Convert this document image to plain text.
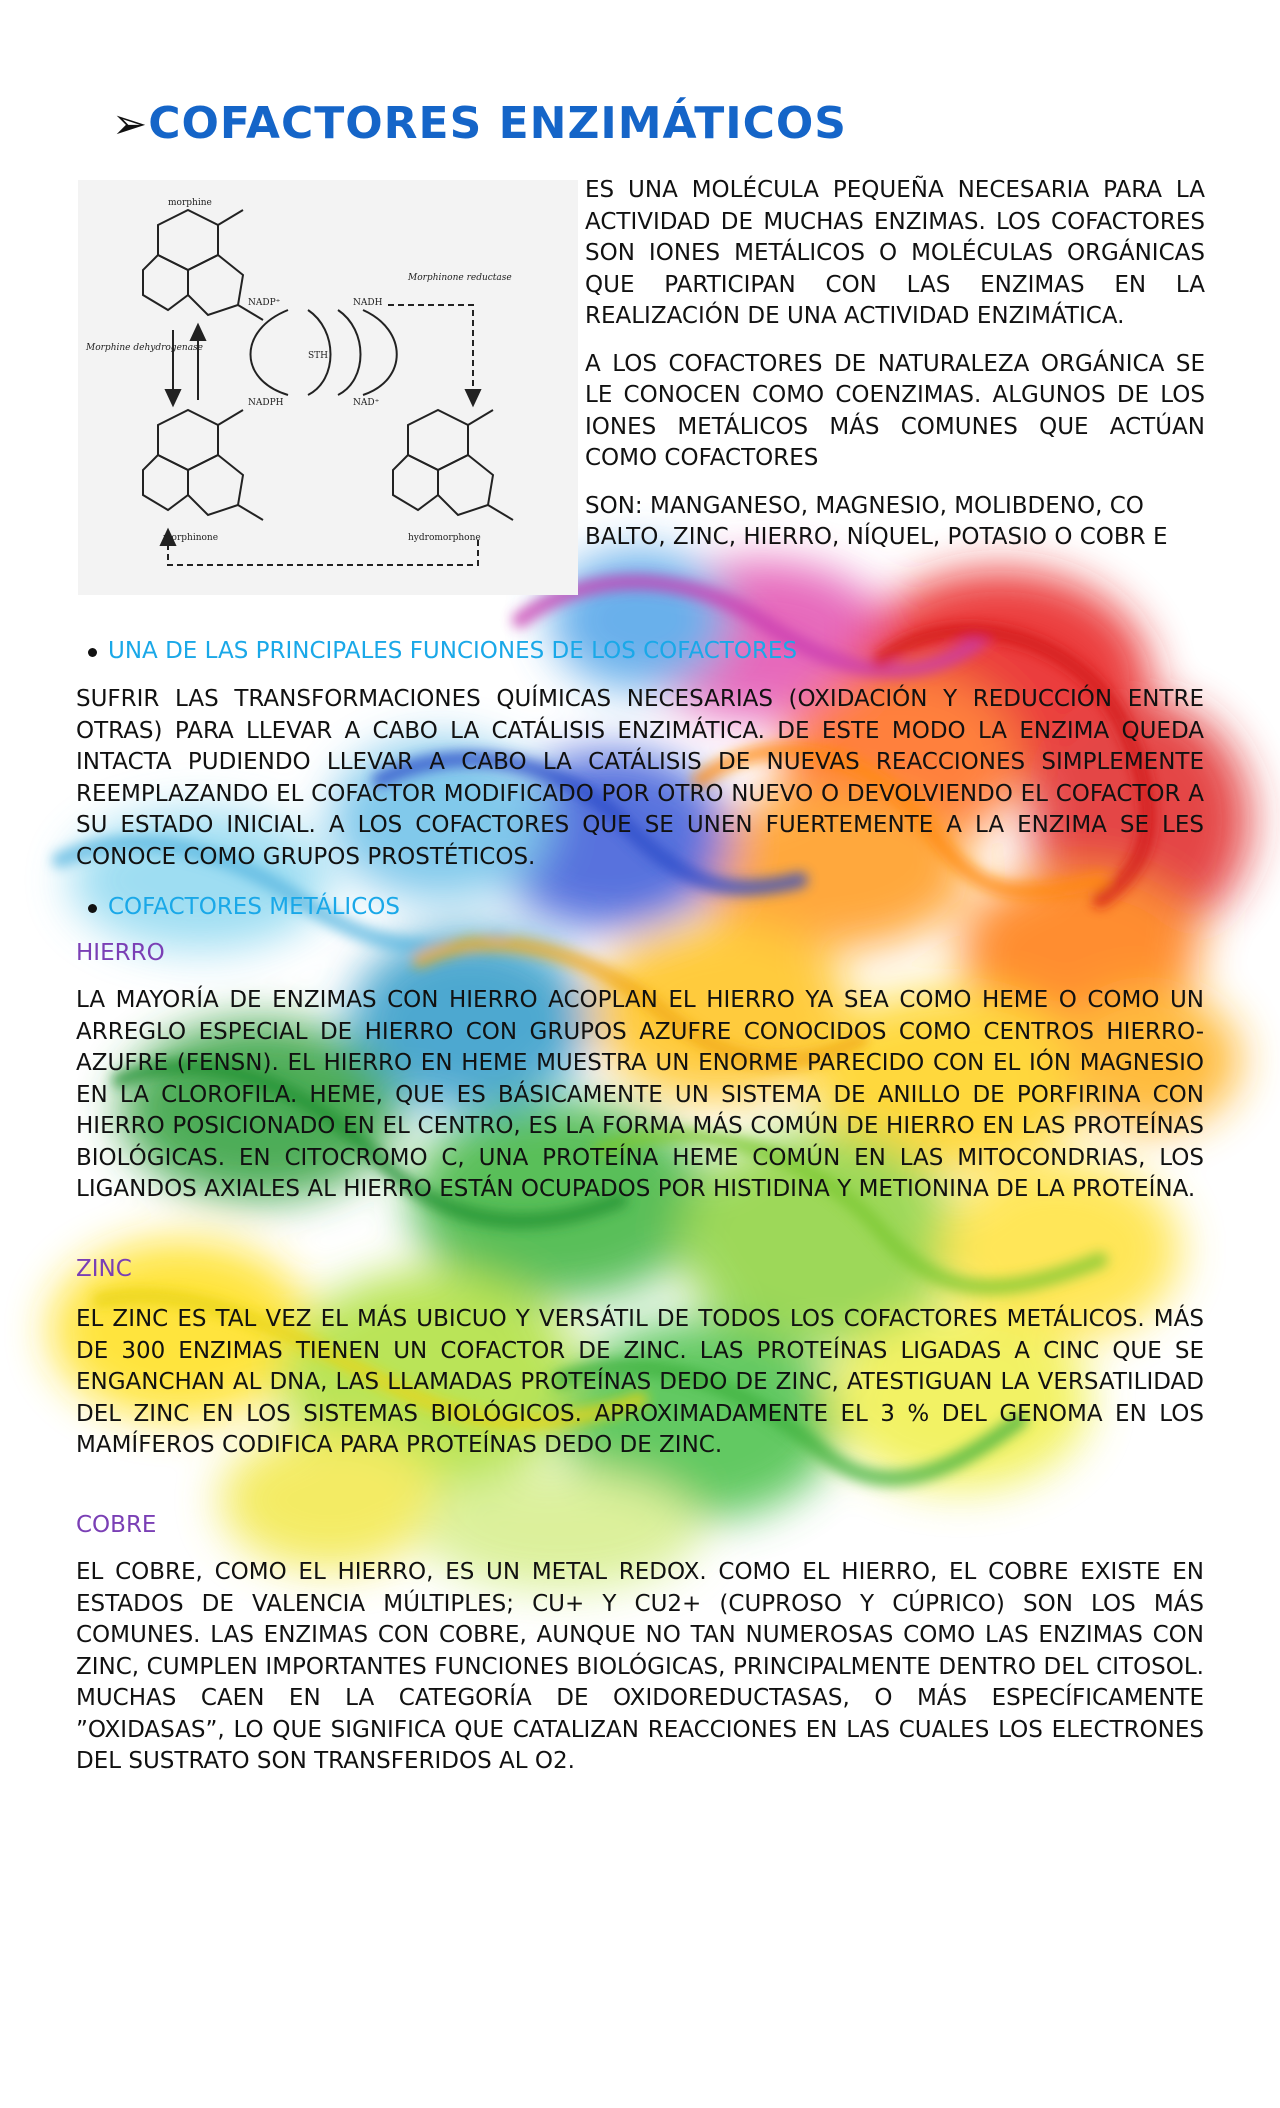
➢COFACTORES ENZIMÁTICOS
morphine
NADP⁺	NADH
STH
NADPH	NAD⁺
Morphine dehydrogenase
Morphinone reductase
morphinone	hydromorphone

ES UNA MOLÉCULA PEQUEÑA NECESARIA PARA LA ACTIVIDAD DE MUCHAS ENZIMAS. LOS COFACTORES SON IONES METÁLICOS O MOLÉCULAS ORGÁNICAS QUE PARTICIPAN CON LAS ENZIMAS EN LA REALIZACIÓN DE UNA ACTIVIDAD ENZIMÁTICA.

A LOS COFACTORES DE NATURALEZA ORGÁNICA SE LE CONOCEN COMO COENZIMAS. ALGUNOS DE LOS IONES METÁLICOS MÁS COMUNES QUE ACTÚAN COMO COFACTORES

SON: MANGANESO, MAGNESIO, MOLIBDENO, CO BALTO, ZINC, HIERRO, NÍQUEL, POTASIO O COBR E

UNA DE LAS PRINCIPALES FUNCIONES DE LOS COFACTORES

SUFRIR LAS TRANSFORMACIONES QUÍMICAS NECESARIAS (OXIDACIÓN Y REDUCCIÓN ENTRE OTRAS) PARA LLEVAR A CABO LA CATÁLISIS ENZIMÁTICA. DE ESTE MODO LA ENZIMA QUEDA INTACTA PUDIENDO LLEVAR A CABO LA CATÁLISIS DE NUEVAS REACCIONES SIMPLEMENTE REEMPLAZANDO EL COFACTOR MODIFICADO POR OTRO NUEVO O DEVOLVIENDO EL COFACTOR A SU ESTADO INICIAL. A LOS COFACTORES QUE SE UNEN FUERTEMENTE A LA ENZIMA SE LES CONOCE COMO GRUPOS PROSTÉTICOS.

COFACTORES METÁLICOS
HIERRO

LA MAYORÍA DE ENZIMAS CON HIERRO ACOPLAN EL HIERRO YA SEA COMO HEME O COMO UN ARREGLO ESPECIAL DE HIERRO CON GRUPOS AZUFRE CONOCIDOS COMO CENTROS HIERRO-AZUFRE (FENSN). EL HIERRO EN HEME MUESTRA UN ENORME PARECIDO CON EL IÓN MAGNESIO EN LA CLOROFILA. HEME, QUE ES BÁSICAMENTE UN SISTEMA DE ANILLO DE PORFIRINA CON HIERRO POSICIONADO EN EL CENTRO, ES LA FORMA MÁS COMÚN DE HIERRO EN LAS PROTEÍNAS BIOLÓGICAS. EN CITOCROMO C, UNA PROTEÍNA HEME COMÚN EN LAS MITOCONDRIAS, LOS LIGANDOS AXIALES AL HIERRO ESTÁN OCUPADOS POR HISTIDINA Y METIONINA DE LA PROTEÍNA.

ZINC

EL ZINC ES TAL VEZ EL MÁS UBICUO Y VERSÁTIL DE TODOS LOS COFACTORES METÁLICOS. MÁS DE 300 ENZIMAS TIENEN UN COFACTOR DE ZINC. LAS PROTEÍNAS LIGADAS A CINC QUE SE ENGANCHAN AL DNA, LAS LLAMADAS PROTEÍNAS DEDO DE ZINC, ATESTIGUAN LA VERSATILIDAD DEL ZINC EN LOS SISTEMAS BIOLÓGICOS. APROXIMADAMENTE EL 3 % DEL GENOMA EN LOS MAMÍFEROS CODIFICA PARA PROTEÍNAS DEDO DE ZINC.

COBRE

EL COBRE, COMO EL HIERRO, ES UN METAL REDOX. COMO EL HIERRO, EL COBRE EXISTE EN ESTADOS DE VALENCIA MÚLTIPLES; CU+ Y CU2+ (CUPROSO Y CÚPRICO) SON LOS MÁS COMUNES. LAS ENZIMAS CON COBRE, AUNQUE NO TAN NUMEROSAS COMO LAS ENZIMAS CON ZINC, CUMPLEN IMPORTANTES FUNCIONES BIOLÓGICAS, PRINCIPALMENTE DENTRO DEL CITOSOL. MUCHAS CAEN EN LA CATEGORÍA DE OXIDOREDUCTASAS, O MÁS ESPECÍFICAMENTE ”OXIDASAS”, LO QUE SIGNIFICA QUE CATALIZAN REACCIONES EN LAS CUALES LOS ELECTRONES DEL SUSTRATO SON TRANSFERIDOS AL O2.
